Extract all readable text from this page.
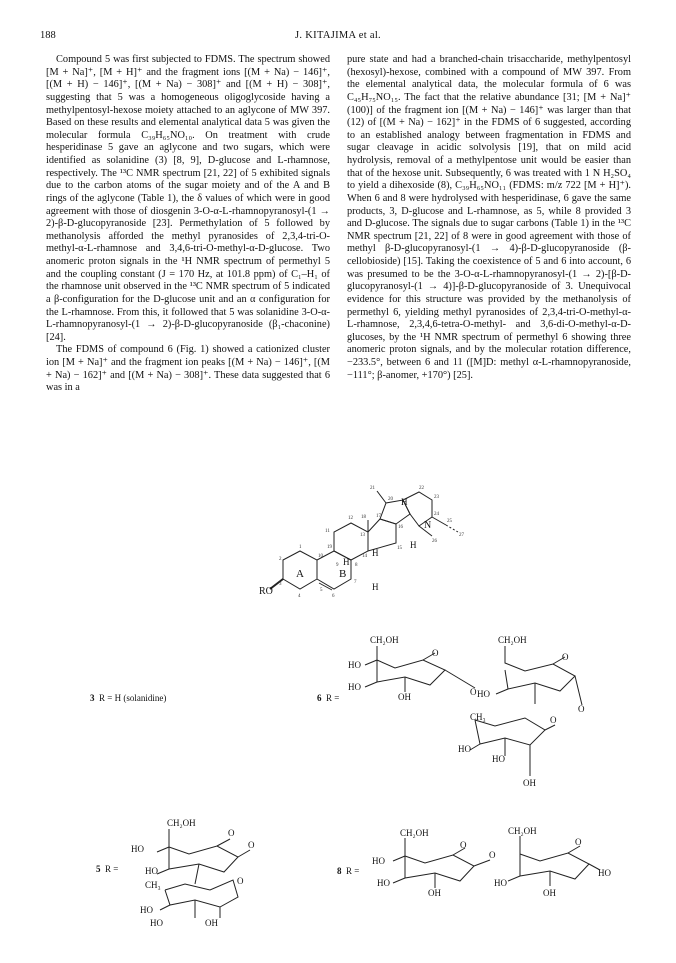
188	J. KITAJIMA et al.

Compound 5 was first subjected to FDMS. The spectrum showed [M + Na]⁺, [M + H]⁺ and the fragment ions [(M + Na) − 146]⁺, [(M + H) − 146]⁺, [(M + Na) − 308]⁺ and [(M + H) − 308]⁺, suggesting that 5 was a homogeneous oligoglycoside having a methylpentosyl-hexose moiety attached to an aglycone of MW 397. Based on these results and elemental analytical data 5 was given the molecular formula C₃₉H₆₅NO₁₀. On treatment with crude hesperidinase 5 gave an aglycone and two sugars, which were identified as solanidine (3) [8, 9], D-glucose and L-rhamnose, respectively. The ¹³C NMR spectrum [21, 22] of 5 exhibited signals due to the carbon atoms of the sugar moiety and of the A and B rings of the aglycone (Table 1), the δ values of which were in good agreement with those of diosgenin 3-O-α-L-rhamnopyranosyl-(1 → 2)-β-D-glucopyranoside [23]. Permethylation of 5 followed by methanolysis afforded the methyl pyranosides of 2,3,4-tri-O-methyl-α-L-rhamnose and 3,4,6-tri-O-methyl-α-D-glucose. Two anomeric proton signals in the ¹H NMR spectrum of permethyl 5 and the coupling constant (J = 170 Hz, at 101.8 ppm) of C₁–H₁ of the rhamnose unit observed in the ¹³C NMR spectrum of 5 indicated a β-configuration for the D-glucose unit and an α configuration for the L-rhamnose. From this, it followed that 5 was solanidine 3-O-α-L-rhamnopyranosyl-(1 → 2)-β-D-glucopyranoside (β₁-chaconine) [24].

The FDMS of compound 6 (Fig. 1) showed a cationized cluster ion [M + Na]⁺ and the fragment ion peaks [(M + Na) − 146]⁺, [(M + Na) − 162]⁺ and [(M + Na) − 308]⁺. These data suggested that 6 was in a

pure state and had a branched-chain trisaccharide, methylpentosyl (hexosyl)-hexose, combined with a compound of MW 397. From the elemental analytical data, the molecular formula of 6 was C₄₅H₇₅NO₁₅. The fact that the relative abundance [31; [M + Na]⁺ (100)] of the fragment ion [(M + Na) − 146]⁺ was larger than that (12) of [(M + Na) − 162]⁺ in the FDMS of 6 suggested, according to an established analogy between fragmentation in FDMS and sugar cleavage in acidic solvolysis [19], that on mild acid hydrolysis, removal of a methylpentose unit would be easier than that of the hexose unit. Subsequently, 6 was treated with 1 N H₂SO₄ to yield a dihexoside (8), C₃₉H₆₅NO₁₁ (FDMS: m/z 722 [M + H]⁺). When 6 and 8 were hydrolysed with hesperidinase, 6 gave the same products, 3, D-glucose and L-rhamnose, as 5, while 8 provided 3 and D-glucose. The signals due to sugar carbons (Table 1) in the ¹³C NMR spectrum [21, 22] of 8 were in good agreement with those of methyl β-D-glucopyranosyl-(1 → 4)-β-D-glucopyranoside (β-cellobioside) [15]. Taking the coexistence of 5 and 6 into account, 6 was presumed to be the 3-O-α-L-rhamnopyranosyl-(1 → 2)-[β-D-glucopyranosyl-(1 → 4)]-β-D-glucopyranoside of 3. Unequivocal evidence for this structure was provided by the methanolysis of permethyl 6, yielding methyl pyranosides of 2,3,4-tri-O-methyl-α-L-rhamnose, 2,3,4,6-tetra-O-methyl- and 3,6-di-O-methyl-α-D-glucoses, by the ¹H NMR spectrum of permethyl 6 showing three anomeric proton signals, and by the molecular rotation difference, −233.5°, between 6 and 11 ([M]D: methyl α-L-rhamnopyranoside, −111°; β-anomer, +170°) [25].

RO
A	B
N
H
H
H
H
H
1
2
3
4
5
6
7
8
9
10
11
12
13
14
15
16
17
18
19
20
21	22
23
24
25
26
27
CH₂OH	CH₂OH
HO
HO
OH
O
O
O
HO
O
CH₃	O
HO
HO
OH
CH₂OH
HO
HO
O
O
CH₃	O
HO
HO	OH
CH₂OH	CH₂OH
HO
HO
OH
O
O
O
HO
OH
HO
3 R = H (solanidine)	6 R =
5 R =	8 R =
